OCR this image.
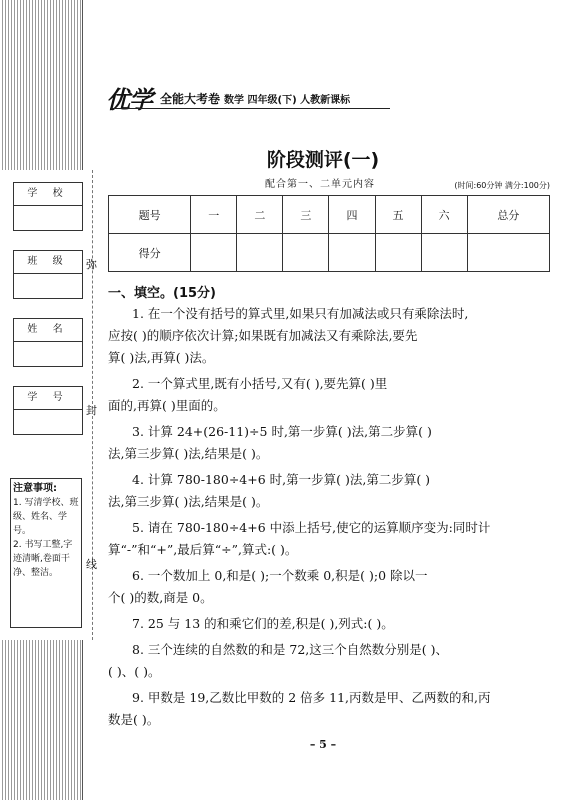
学 校
班 级
姓 名
学 号
弥
封
线
注意事项:
1. 写清学校、班级、姓名、学号。
2. 书写工整,字迹清晰,卷面干净、整洁。
优学 全能大考卷 数学 四年级(下) 人教新课标
阶段测评(一)
配合第一、二单元内容	(时间:60分钟 满分:100分)
题号	一	二	三	四	五	六	总分
得分							
一、填空。(15分)
1. 在一个没有括号的算式里,如果只有加减法或只有乘除法时,
应按( )的顺序依次计算;如果既有加减法又有乘除法,要先
算( )法,再算( )法。
2. 一个算式里,既有小括号,又有( ),要先算( )里
面的,再算( )里面的。
3. 计算 24+(26-11)÷5 时,第一步算( )法,第二步算( )
法,第三步算( )法,结果是( )。
4. 计算 780-180÷4+6 时,第一步算( )法,第二步算( )
法,第三步算( )法,结果是( )。
5. 请在 780-180÷4+6 中添上括号,使它的运算顺序变为:同时计
算“-”和“+”,最后算“÷”,算式:( )。
6. 一个数加上 0,和是( );一个数乘 0,积是( );0 除以一
个( )的数,商是 0。
7. 25 与 13 的和乘它们的差,积是( ),列式:( )。
8. 三个连续的自然数的和是 72,这三个自然数分别是( )、
( )、( )。
9. 甲数是 19,乙数比甲数的 2 倍多 11,丙数是甲、乙两数的和,丙
数是( )。
– 5 –
